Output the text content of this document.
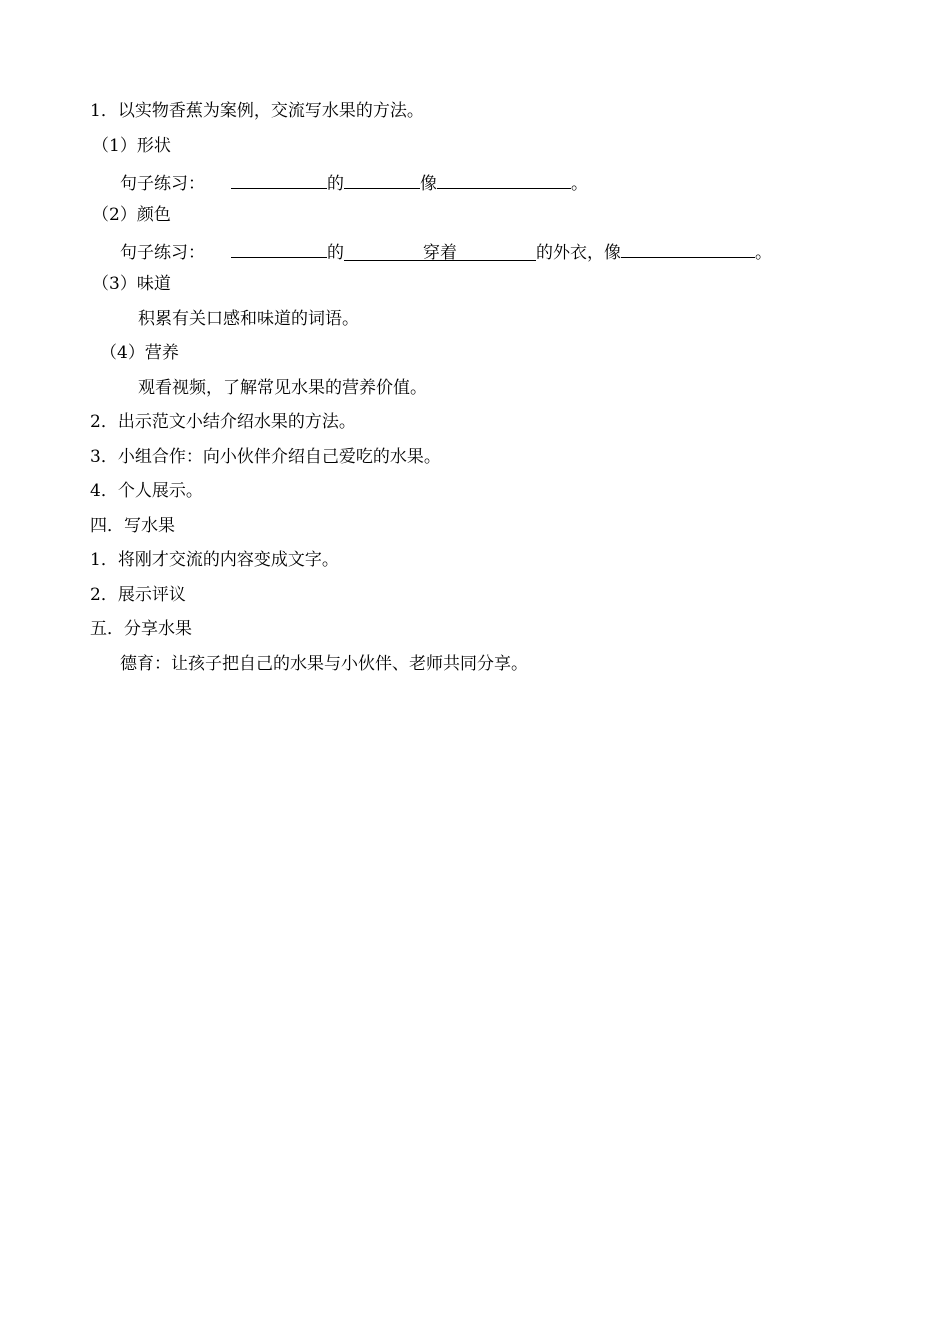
1．以实物香蕉为案例，交流写水果的方法。
（1）形状
句子练习：	的	像	。
（2）颜色
句子练习：	的	穿着	的外衣，像	。
（3）味道
积累有关口感和味道的词语。
（4）营养
观看视频，了解常见水果的营养价值。
2．出示范文小结介绍水果的方法。
3．小组合作：向小伙伴介绍自己爱吃的水果。
4．个人展示。
四．写水果
1．将刚才交流的内容变成文字。
2．展示评议
五．分享水果
德育：让孩子把自己的水果与小伙伴、老师共同分享。
